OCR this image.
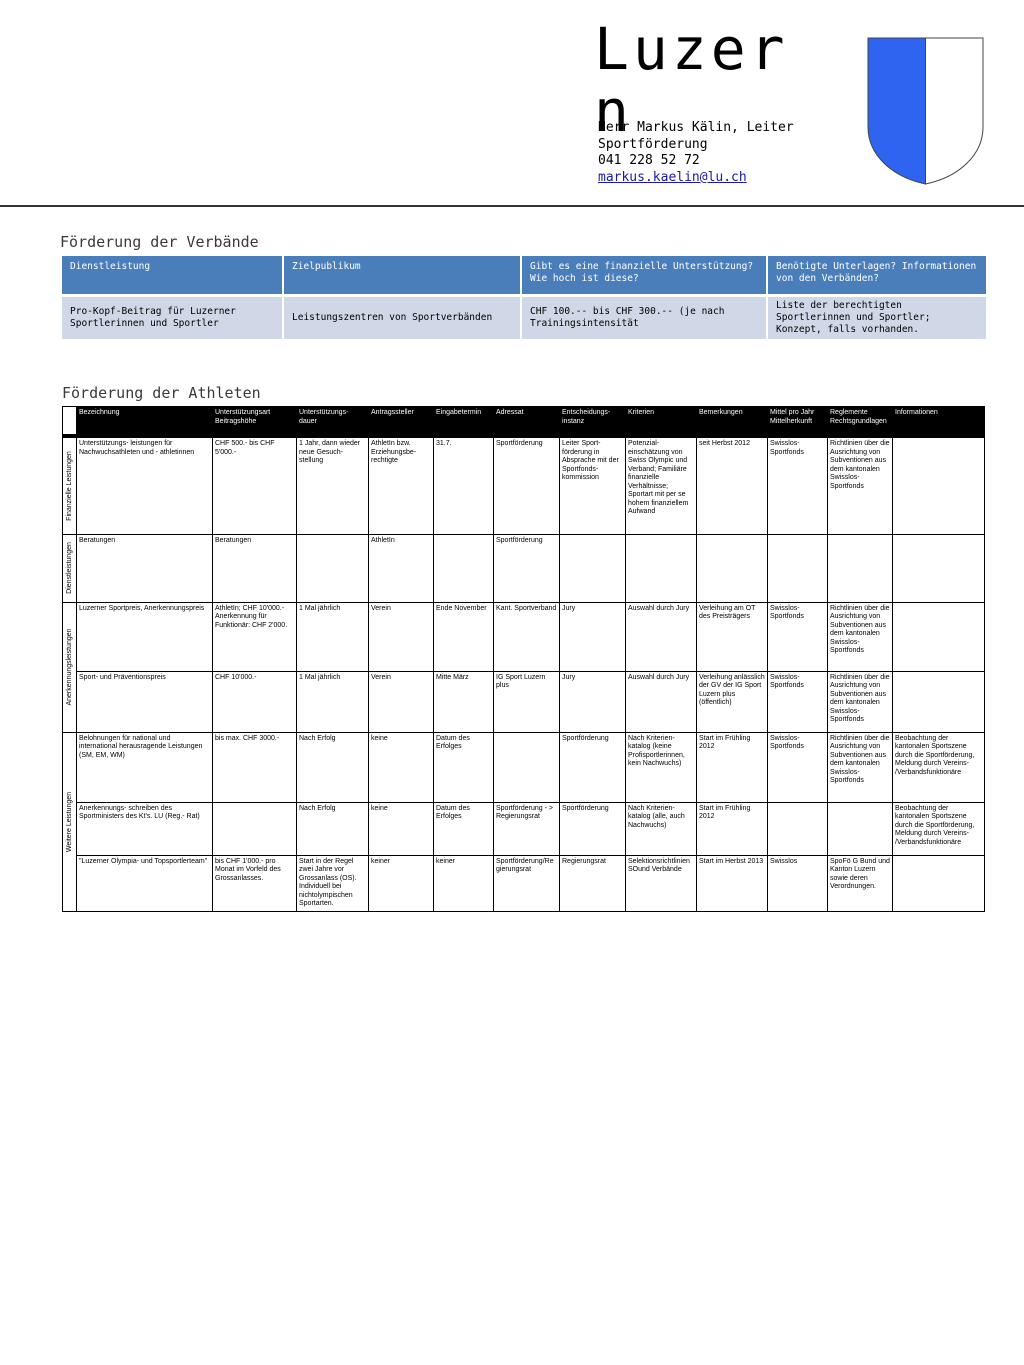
Luzern
Herr Markus Kälin, Leiter
Sportförderung
041 228 52 72
markus.kaelin@lu.ch
Förderung der Verbände
Dienstleistung	Zielpublikum	Gibt es eine finanzielle Unterstützung? Wie hoch ist diese?	Benötigte Unterlagen? Informationen von den Verbänden?
Pro-Kopf-Beitrag für Luzerner Sportlerinnen und Sportler	Leistungszentren von Sportverbänden	CHF 100.-- bis CHF 300.-- (je nach Trainingsintensität	Liste der berechtigten Sportlerinnen und Sportler; Konzept, falls vorhanden.
Förderung der Athleten
	Bezeichnung	Unterstützungsart Beitragshöhe	Unterstützungs-dauer	Antragssteller	Eingabetermin	Adressat	Entscheidungs-instanz	Kriterien	Bemerkungen	Mittel pro Jahr Mittelherkunft	Reglemente Rechtsgrundlagen	Informationen

Finanzielle Leistungen	Unterstützungs- leistungen für Nachwuchsathleten und - athletinnen	CHF 500.- bis CHF 5'000.-	1 Jahr, dann wieder neue Gesuch- stellung	AthletIn bzw. Erziehungsbe- rechtigte	31.7.	Sportförderung	Leiter Sport- förderung in Absprache mit der Sportfonds- kommission	Potenzial- einschätzung von Swiss Olympic und Verband; Familiäre finanzielle Verhältnisse; Sportart mit per se hohem finanziellem Aufwand	seit Herbst 2012	Swisslos- Sportfonds	Richtlinien über die Ausrichtung von Subventionen aus dem kantonalen Swisslos- Sportfonds	

Dienstleistungen	Beratungen	Beratungen		AthletIn		Sportförderung						

Anerkennungsleistungen	Luzerner Sportpreis, Anerkennungspreis	AthletIn; CHF 10'000.- Anerkennung für Funktionär: CHF 2'000.	1 Mal jährlich	Verein	Ende November	Kant. Sportverband	Jury	Auswahl durch Jury	Verleihung am OT des Preisträgers	Swisslos- Sportfonds	Richtlinien über die Ausrichtung von Subventionen aus dem kantonalen Swisslos- Sportfonds	
	Sport- und Präventionspreis	CHF 10'000.-	1 Mal jährlich	Verein	Mitte März	IG Sport Luzern plus	Jury	Auswahl durch Jury	Verleihung anlässlich der GV der IG Sport Luzern plus (öffentlich)	Swisslos- Sportfonds	Richtlinien über die Ausrichtung von Subventionen aus dem kantonalen Swisslos- Sportfonds	

Weitere Leistungen	Belohnungen für national und international herausragende Leistungen (SM, EM, WM)	bis max. CHF 3000.-	Nach Erfolg	keine	Datum des Erfolges		Sportförderung	Nach Kriterien- katalog (keine Profisportlerinnen, kein Nachwuchs)	Start im Frühling 2012	Swisslos- Sportfonds	Richtlinien über die Ausrichtung von Subventionen aus dem kantonalen Swisslos- Sportfonds	Beobachtung der kantonalen Sportszene durch die Sportförderung, Meldung durch Vereins- /Verbandsfunktionäre
	Anerkennungs- schreiben des Sportministers des Kt's. LU (Reg.- Rat)		Nach Erfolg	keine	Datum des Erfolges	Sportförderung - > Regierungsrat	Sportförderung	Nach Kriterien- katalog (alle, auch Nachwuchs)	Start im Frühling 2012			Beobachtung der kantonalen Sportszene durch die Sportförderung, Meldung durch Vereins- /Verbandsfunktionäre
	"Luzerner Olympia- und Topsportlerteam"	bis CHF 1'000.- pro Monat im Vorfeld des Grossanlasses.	Start in der Regel zwei Jahre vor Grossanlass (OS). Individuell bei nichtolympischen Sportarten.	keiner	keiner	Sportförderung/Re gierungsrat	Regierungsrat	Selektionsrichtlinien SOund Verbände	Start im Herbst 2013	Swisslos	SpoFö G Bund und Kanton Luzern sowie deren Verordnungen.	
